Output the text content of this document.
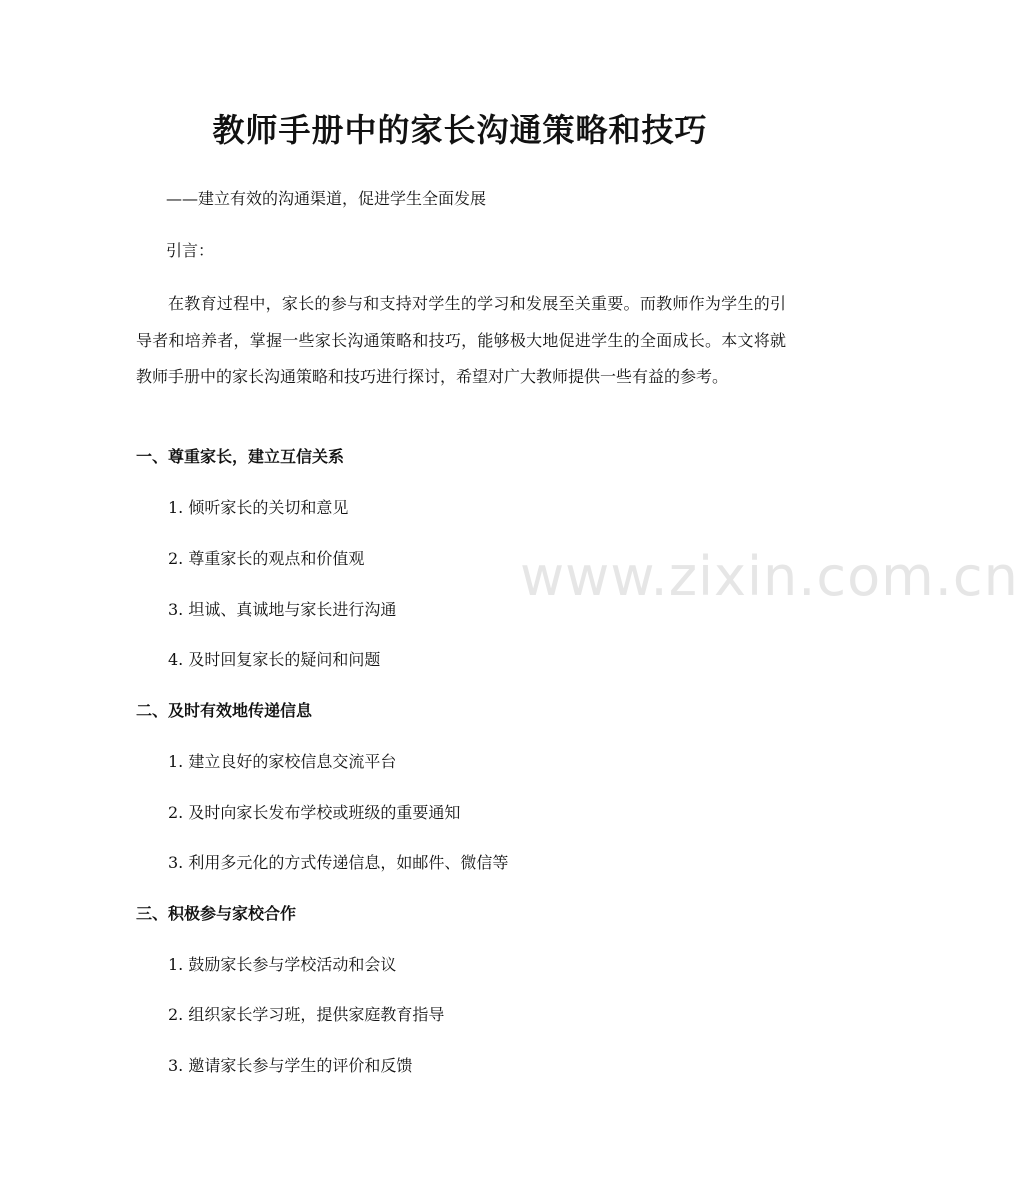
www.zixin.com.cn
教师手册中的家长沟通策略和技巧
——建立有效的沟通渠道，促进学生全面发展
引言：
在教育过程中，家长的参与和支持对学生的学习和发展至关重要。而教师作为学生的引导者和培养者，掌握一些家长沟通策略和技巧，能够极大地促进学生的全面成长。本文将就教师手册中的家长沟通策略和技巧进行探讨，希望对广大教师提供一些有益的参考。
一、尊重家长，建立互信关系
1. 倾听家长的关切和意见
2. 尊重家长的观点和价值观
3. 坦诚、真诚地与家长进行沟通
4. 及时回复家长的疑问和问题
二、及时有效地传递信息
1. 建立良好的家校信息交流平台
2. 及时向家长发布学校或班级的重要通知
3. 利用多元化的方式传递信息，如邮件、微信等
三、积极参与家校合作
1. 鼓励家长参与学校活动和会议
2. 组织家长学习班，提供家庭教育指导
3. 邀请家长参与学生的评价和反馈
